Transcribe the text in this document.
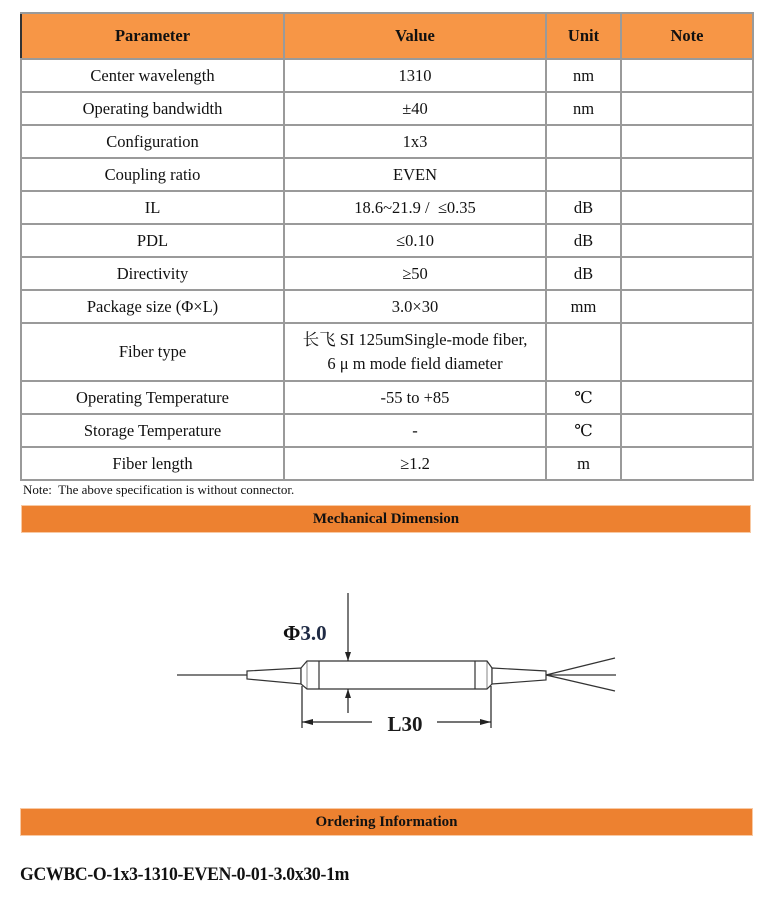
Parameter	Value	Unit	Note
Center wavelength	1310	nm	
Operating bandwidth	±40	nm	
Configuration	1x3		
Coupling ratio	EVEN		
IL	18.6~21.9 /  ≤0.35	dB	
PDL	≤0.10	dB	
Directivity	≥50	dB	
Package size (Φ×L)	3.0×30	mm	
Fiber type	长飞 SI 125umSingle-mode fiber,
6 μ m mode field diameter		

Operating Temperature	-55 to +85	℃	
Storage Temperature	-	℃	
Fiber length	≥1.2	m	
Note:  The above specification is without connector.
Mechanical Dimension
Φ3.0
L30
Ordering Information
GCWBC-O-1x3-1310-EVEN-0-01-3.0x30-1m
